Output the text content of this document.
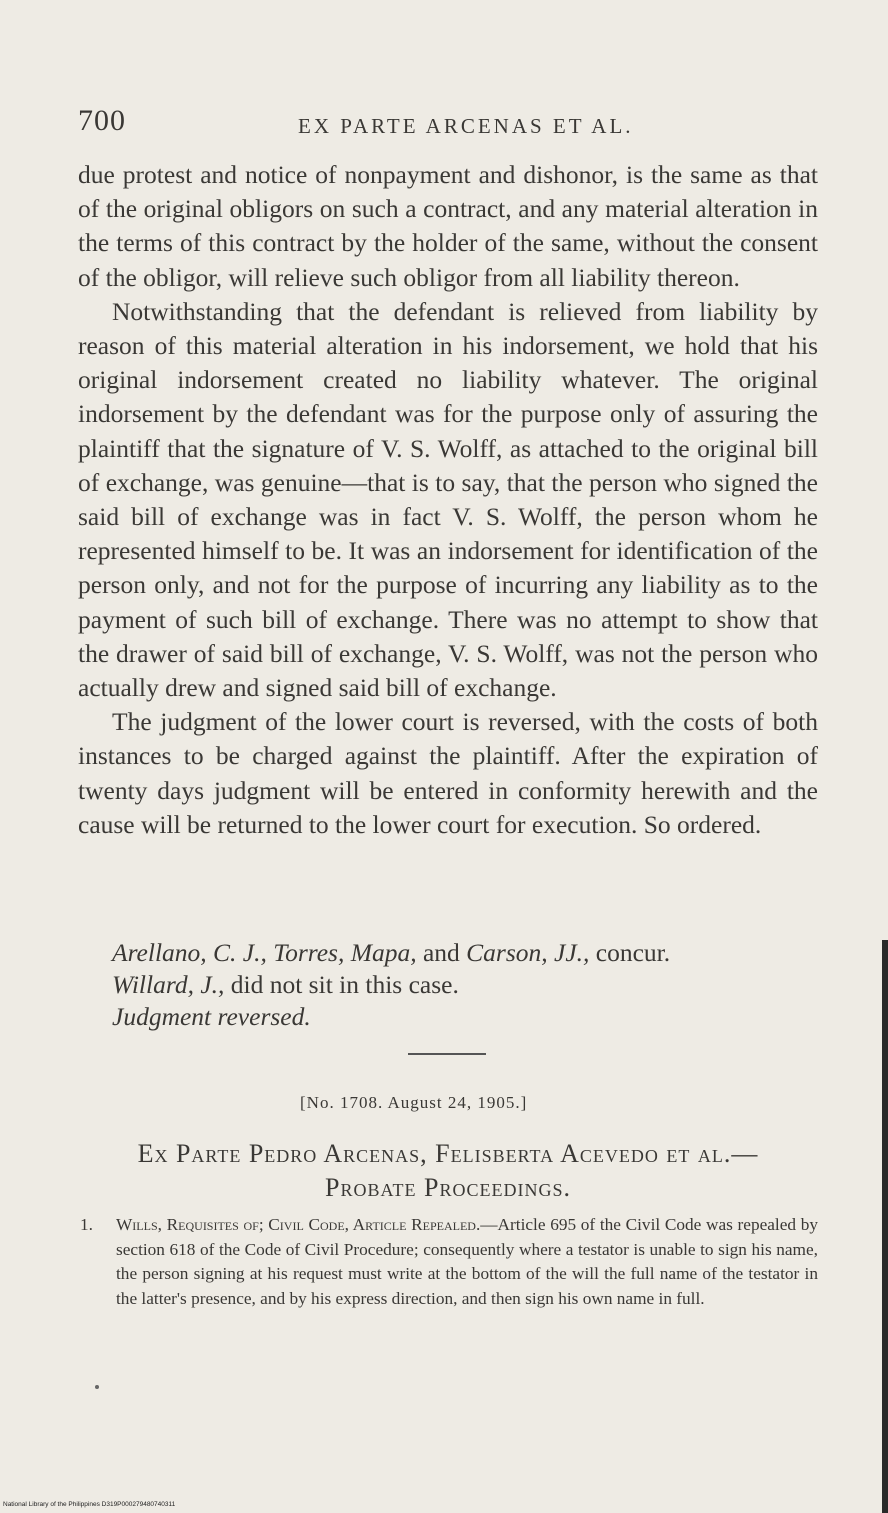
700	EX PARTE ARCENAS ET AL.

due protest and notice of nonpayment and dishonor, is the same as that of the original obligors on such a contract, and any material alteration in the terms of this contract by the holder of the same, without the consent of the obligor, will relieve such obligor from all liability thereon.

Notwithstanding that the defendant is relieved from liability by reason of this material alteration in his indorsement, we hold that his original indorsement created no liability whatever. The original indorsement by the defendant was for the purpose only of assuring the plaintiff that the signature of V. S. Wolff, as attached to the original bill of exchange, was genuine—that is to say, that the person who signed the said bill of exchange was in fact V. S. Wolff, the person whom he represented himself to be. It was an indorsement for identification of the person only, and not for the purpose of incurring any liability as to the payment of such bill of exchange. There was no attempt to show that the drawer of said bill of exchange, V. S. Wolff, was not the person who actually drew and signed said bill of exchange.

The judgment of the lower court is reversed, with the costs of both instances to be charged against the plaintiff. After the expiration of twenty days judgment will be entered in conformity herewith and the cause will be returned to the lower court for execution. So ordered.

Arellano, C. J., Torres, Mapa, and Carson, JJ., concur.
Willard, J., did not sit in this case.
Judgment reversed.
[No. 1708. August 24, 1905.]
Ex Parte Pedro Arcenas, Felisberta Acevedo et al.—
Probate Proceedings.
1. Wills, Requisites of; Civil Code, Article Repealed.—Article 695 of the Civil Code was repealed by section 618 of the Code of Civil Procedure; consequently where a testator is unable to sign his name, the person signing at his request must write at the bottom of the will the full name of the testator in the latter's presence, and by his express direction, and then sign his own name in full.
National Library of the Philippines D319P000279480740311
